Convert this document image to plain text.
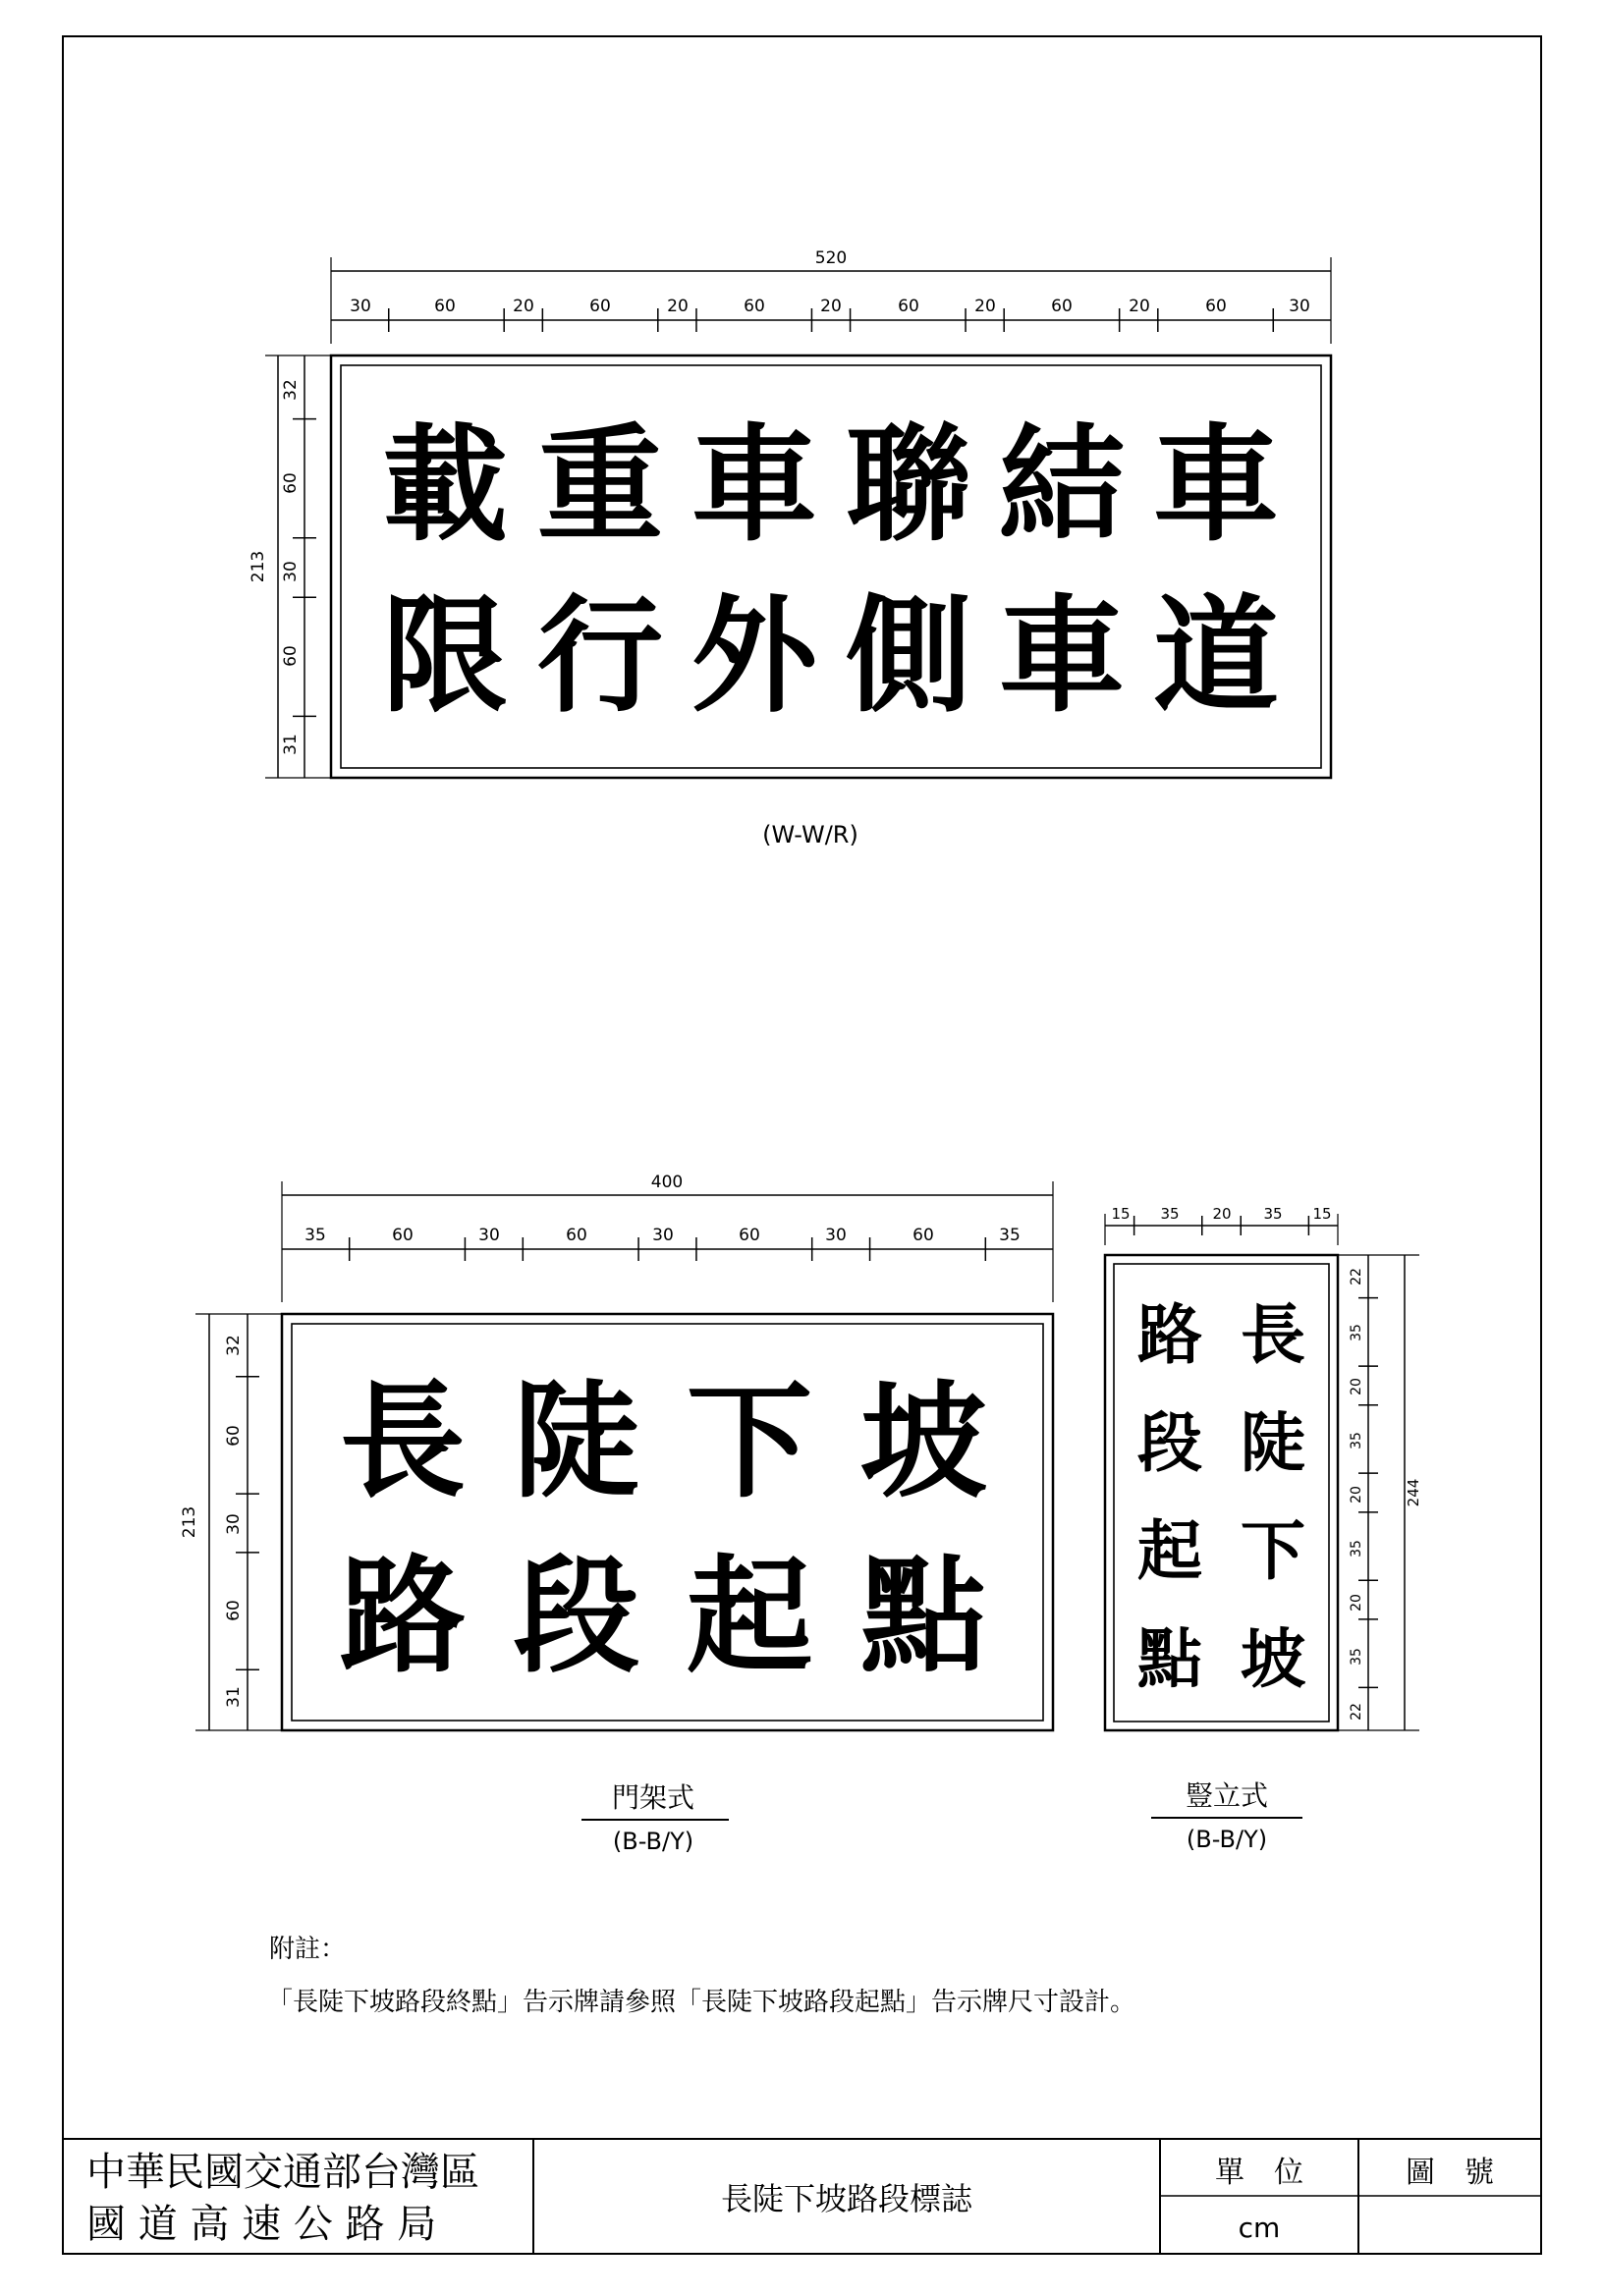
520
30	60	20	60	20	60	20	60	20	60	20	60	30
213
32
60
30
60
31
載 重 車 聯 結 車
限 行 外 側 車 道
(W-W/R)
400
35	60	30	60	30	60	30	60	35
213
32
60
30
60
31
長 陡 下 坡
路 段 起 點
門架式
(B-B/Y)
15 35 20 35 15
244
22
35
20
35
20
35
20
35
22
路
段
起
點
長
陡
下
坡
豎立式
(B-B/Y)
附註：
「長陡下坡路段終點」告示牌請參照「長陡下坡路段起點」告示牌尺寸設計。
中華民國交通部台灣區
國 道 高 速 公 路 局
長陡下坡路段標誌
單　位
cm
圖　號
